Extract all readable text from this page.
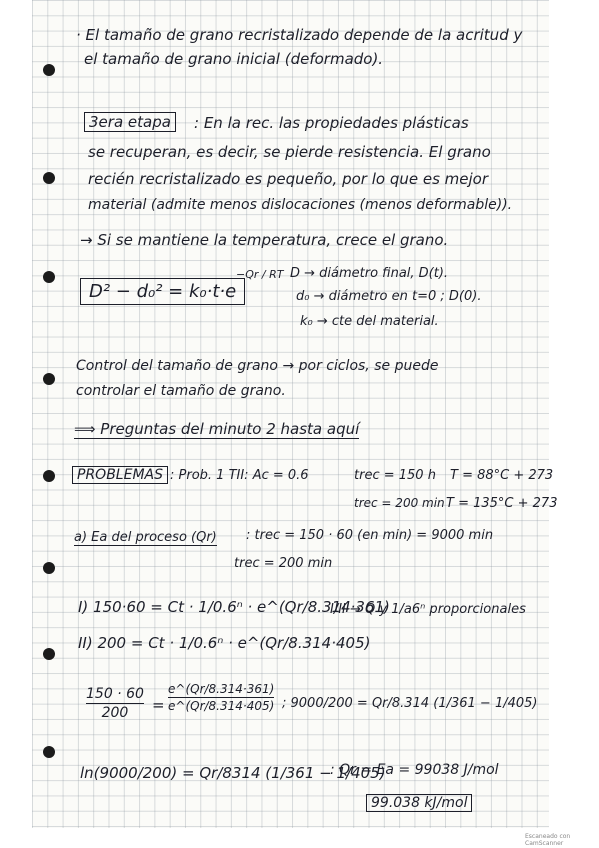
· El tamaño de grano recristalizado depende de la acritud y
el tamaño de grano inicial (deformado).
3era etapa	: En la rec. las propiedades plásticas
se recuperan, es decir, se pierde resistencia. El grano
recién recristalizado es pequeño, por lo que es mejor
material (admite menos dislocaciones (menos deformable)).
→ Si se mantiene la temperatura, crece el grano.
D² − d₀² = k₀·t·e
−Qr / RT D → diámetro final, D(t).
d₀ → diámetro en t=0 ; D(0).
k₀ → cte del material.
Control del tamaño de grano → por ciclos, se puede
controlar el tamaño de grano.
⟹ Preguntas del minuto 2 hasta aquí
PROBLEMAS : Prob. 1 TII: Ac = 0.6	trec = 150 h T = 88°C + 273
trec = 200 min T = 135°C + 273
a) Ea del proceso (Qr) : trec = 150 · 60 (en min) = 9000 min
trec = 200 min
I) 150·60 = Ct · 1/0.6ⁿ · e^(Qr/8.314·361)
I/II → Q y 1/a6ⁿ proporcionales
II) 200 = Ct · 1/0.6ⁿ · e^(Qr/8.314·405)
150 · 60
200 =
e^(Qr/8.314·361)
e^(Qr/8.314·405) ; 9000/200 = Qr/8.314 (1/361 − 1/405)
ln(9000/200) = Qr/8314 (1/361 − 1/405)
: Qr = Ea = 99038 J/mol
99.038 kJ/mol
Escaneado con CamScanner
